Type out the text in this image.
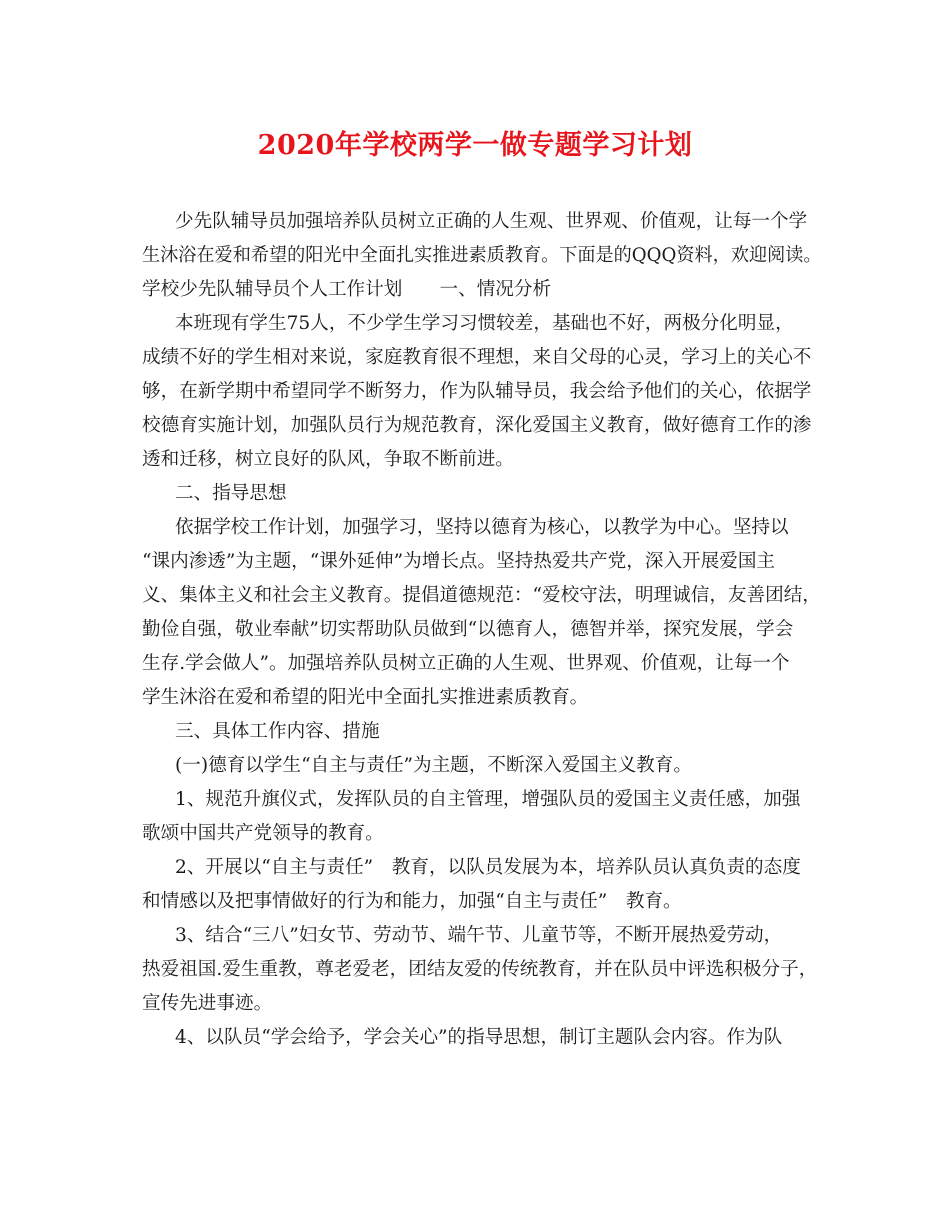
2020年学校两学一做专题学习计划
少先队辅导员加强培养队员树立正确的人生观、世界观、价值观，让每一个学
生沐浴在爱和希望的阳光中全面扎实推进素质教育。下面是的QQQ资料，欢迎阅读。
学校少先队辅导员个人工作计划　　一、情况分析
本班现有学生75人，不少学生学习习惯较差，基础也不好，两极分化明显，
成绩不好的学生相对来说，家庭教育很不理想，来自父母的心灵，学习上的关心不
够，在新学期中希望同学不断努力，作为队辅导员，我会给予他们的关心，依据学
校德育实施计划，加强队员行为规范教育，深化爱国主义教育，做好德育工作的渗
透和迁移，树立良好的队风，争取不断前进。
二、指导思想
依据学校工作计划，加强学习，坚持以德育为核心，以教学为中心。坚持以
“课内渗透”为主题，“课外延伸”为增长点。坚持热爱共产党，深入开展爱国主
义、集体主义和社会主义教育。提倡道德规范：“爱校守法，明理诚信，友善团结，
勤俭自强，敬业奉献”切实帮助队员做到“以德育人，德智并举，探究发展，学会
生存.学会做人”。加强培养队员树立正确的人生观、世界观、价值观，让每一个
学生沐浴在爱和希望的阳光中全面扎实推进素质教育。
三、具体工作内容、措施
(一)德育以学生“自主与责任”为主题，不断深入爱国主义教育。
1、规范升旗仪式，发挥队员的自主管理，增强队员的爱国主义责任感，加强
歌颂中国共产党领导的教育。
2、开展以“自主与责任”　教育，以队员发展为本，培养队员认真负责的态度
和情感以及把事情做好的行为和能力，加强“自主与责任”　教育。
3、结合“三八”妇女节、劳动节、端午节、儿童节等，不断开展热爱劳动，
热爱祖国.爱生重教，尊老爱老，团结友爱的传统教育，并在队员中评选积极分子，
宣传先进事迹。
4、以队员“学会给予，学会关心”的指导思想，制订主题队会内容。作为队
